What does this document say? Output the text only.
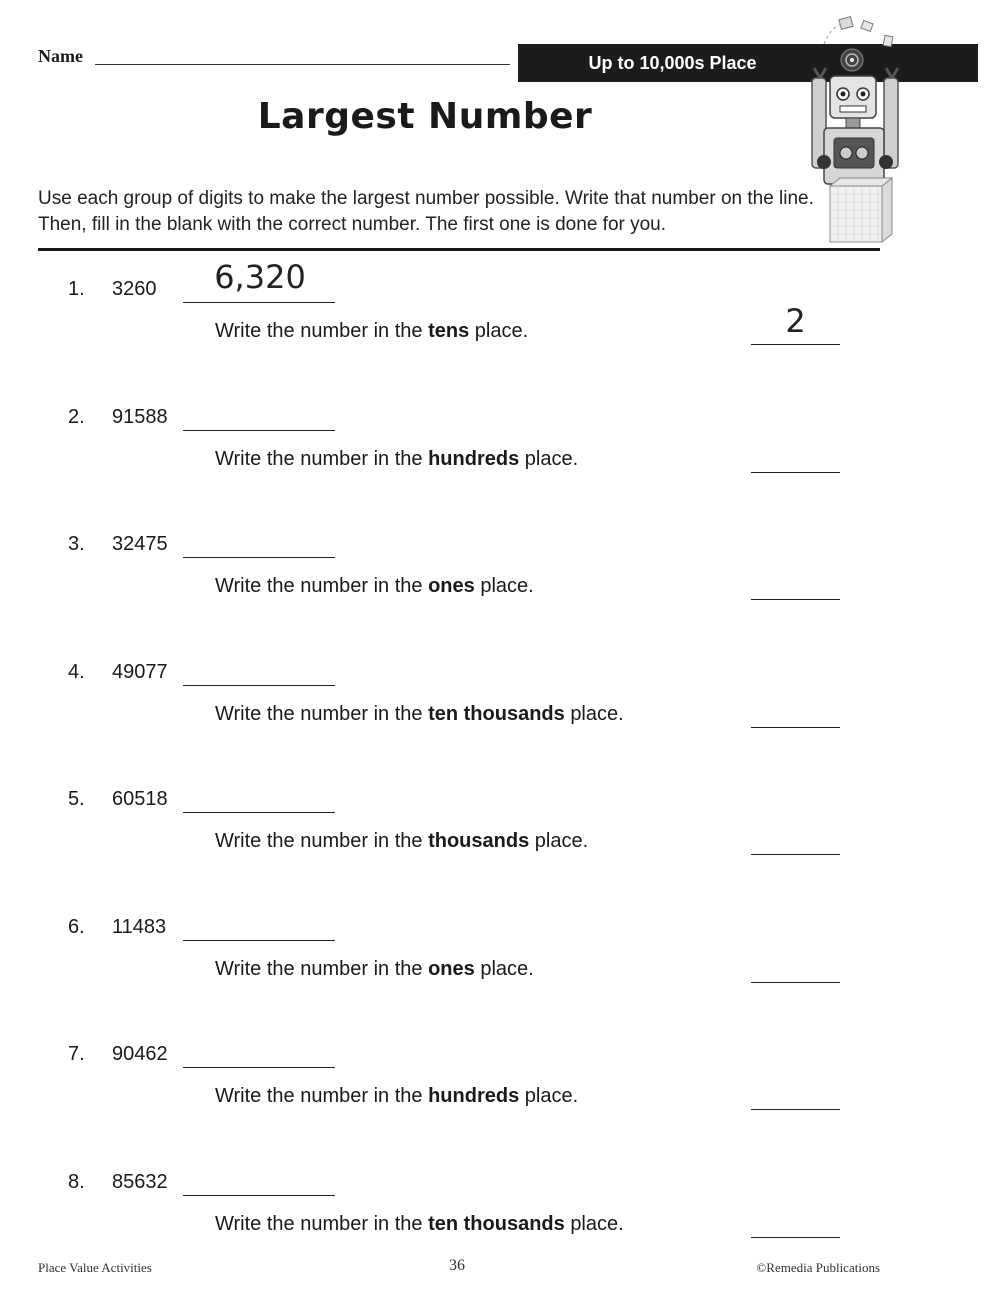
Name	Up to 10,000s Place
Largest Number
Use each group of digits to make the largest number possible. Write that number on the line. Then, fill in the blank with the correct number. The first one is done for you.
1. 3260 6,320
Write the number in the tens place.	2
2. 91588
Write the number in the hundreds place.
3. 32475
Write the number in the ones place.
4. 49077
Write the number in the ten thousands place.
5. 60518
Write the number in the thousands place.
6. 11483
Write the number in the ones place.
7. 90462
Write the number in the hundreds place.
8. 85632
Write the number in the ten thousands place.
Place Value Activities	36	©Remedia Publications
